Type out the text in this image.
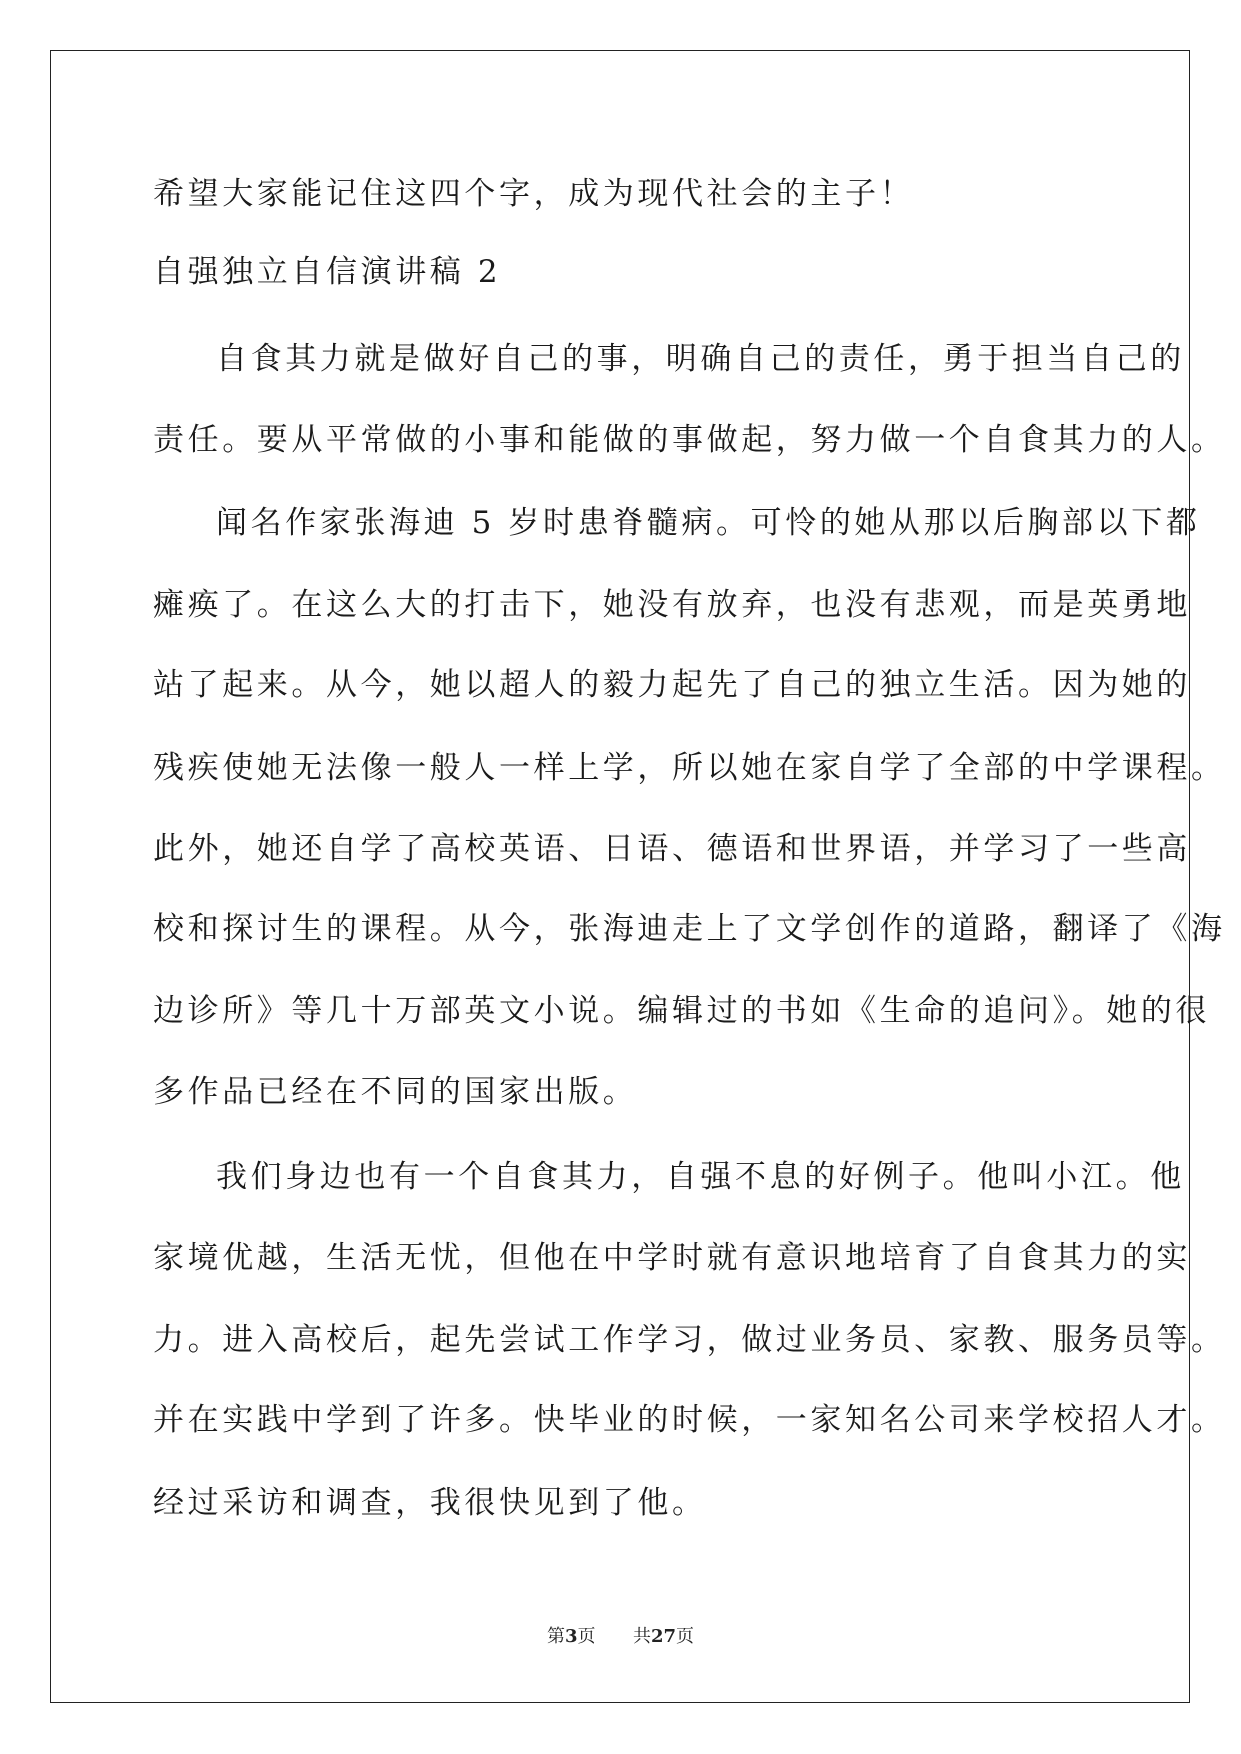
希望大家能记住这四个字，成为现代社会的主子！
自强独立自信演讲稿 2
自食其力就是做好自己的事，明确自己的责任，勇于担当自己的
责任。要从平常做的小事和能做的事做起，努力做一个自食其力的人。
闻名作家张海迪 5 岁时患脊髓病。可怜的她从那以后胸部以下都
瘫痪了。在这么大的打击下，她没有放弃，也没有悲观，而是英勇地
站了起来。从今，她以超人的毅力起先了自己的独立生活。因为她的
残疾使她无法像一般人一样上学，所以她在家自学了全部的中学课程。
此外，她还自学了高校英语、日语、德语和世界语，并学习了一些高
校和探讨生的课程。从今，张海迪走上了文学创作的道路，翻译了《海
边诊所》等几十万部英文小说。编辑过的书如《生命的追问》。她的很
多作品已经在不同的国家出版。
我们身边也有一个自食其力，自强不息的好例子。他叫小江。他
家境优越，生活无忧，但他在中学时就有意识地培育了自食其力的实
力。进入高校后，起先尝试工作学习，做过业务员、家教、服务员等。
并在实践中学到了许多。快毕业的时候，一家知名公司来学校招人才。
经过采访和调查，我很快见到了他。
第3页 共27页
